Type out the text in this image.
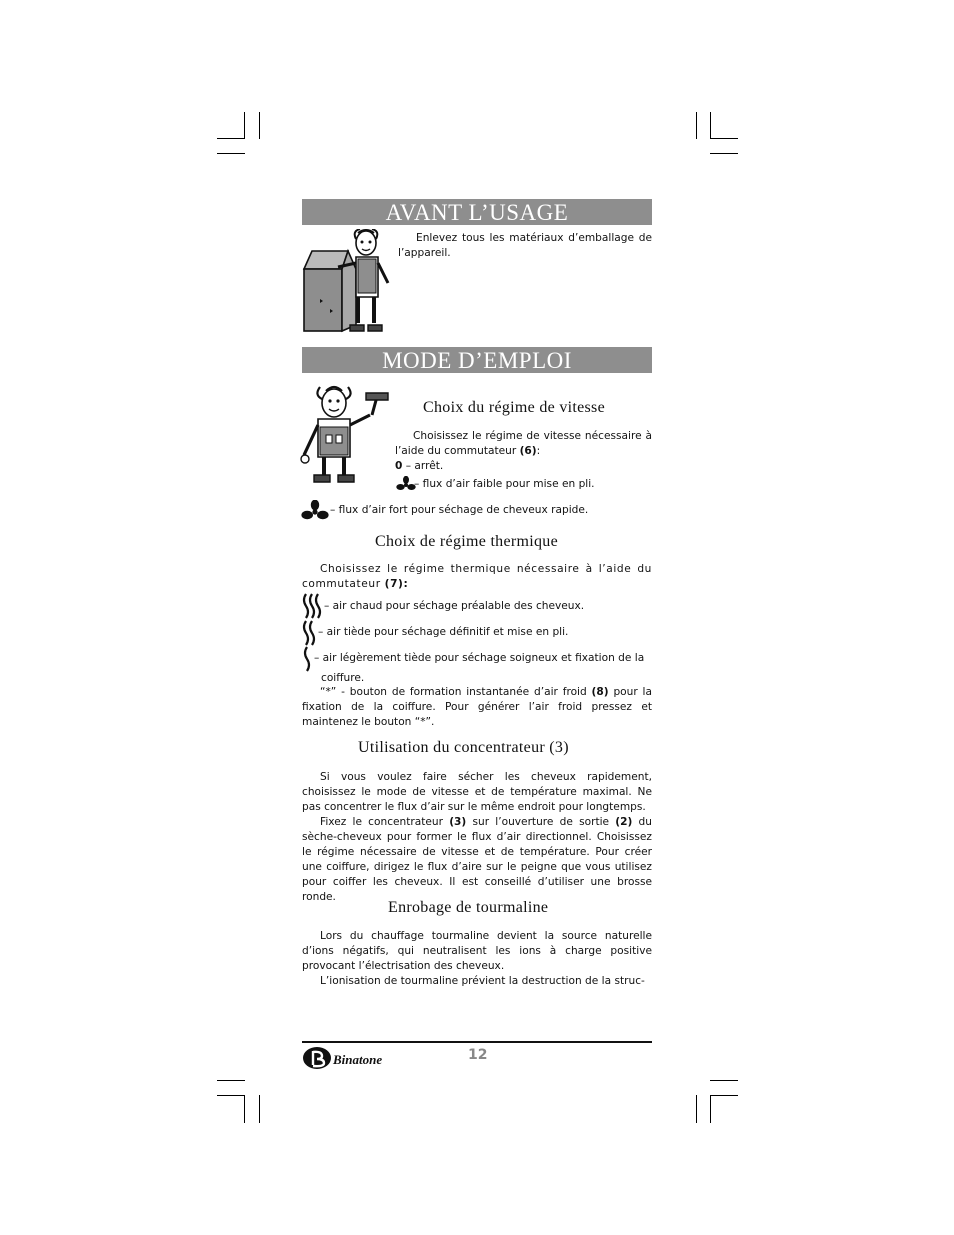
AVANT L’USAGE
Enlevez tous les matériaux d’emballage de l’appareil.
MODE D’EMPLOI
Choix du régime de vitesse
Choisissez le régime de vitesse nécessaire à l’aide du commutateur (6):
0 – arrêt.
– flux d’air faible pour mise en pli.
– flux d’air fort pour séchage de cheveux rapide.
Choix de régime thermique
Choisissez le régime thermique nécessaire à l’aide du commutateur (7):
– air chaud pour séchage préalable des cheveux.
– air tiède pour séchage définitif et mise en pli.
– air légèrement tiède pour séchage soigneux et fixation de la
coiffure.
“*” - bouton de formation instantanée d’air froid (8) pour la fixation de la coiffure. Pour générer l’air froid pressez et maintenez le bouton “*”.
Utilisation du concentrateur (3)
Si vous voulez faire sécher les cheveux rapidement, choisissez le mode de vitesse et de température maximal. Ne pas concentrer le flux d’air sur le même endroit pour longtemps.
Fixez le concentrateur (3) sur l’ouverture de sortie (2) du sèche-cheveux pour former le flux d’air directionnel. Choisissez le régime nécessaire de vitesse et de température. Pour créer une coiffure, dirigez le flux d’aire sur le peigne que vous utilisez pour coiffer les cheveux. Il est conseillé d’utiliser une brosse ronde.
Enrobage de tourmaline
Lors du chauffage tourmaline devient la source naturelle d’ions négatifs, qui neutralisent les ions à charge positive provocant l’électrisation des cheveux.
L’ionisation de tourmaline prévient la destruction de la struc-
Binatone	12
